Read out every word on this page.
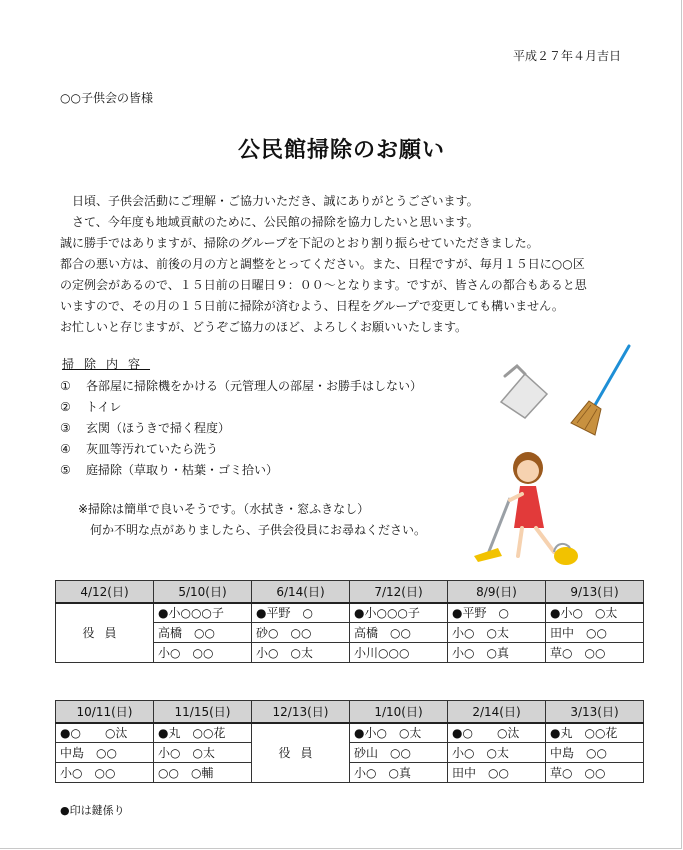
平成２７年４月吉日
○○子供会の皆様
公民館掃除のお願い
　日頃、子供会活動にご理解・ご協力いただき、誠にありがとうございます。
　さて、今年度も地域貢献のために、公民館の掃除を協力したいと思います。
誠に勝手ではありますが、掃除のグループを下記のとおり割り振らせていただきました。
都合の悪い方は、前後の月の方と調整をとってください。また、日程ですが、毎月１５日に○○区
の定例会があるので、１５日前の日曜日９：００～となります。ですが、皆さんの都合もあると思
いますので、その月の１５日前に掃除が済むよう、日程をグループで変更しても構いません。
お忙しいと存じますが、どうぞご協力のほど、よろしくお願いいたします。
掃除内容
① 各部屋に掃除機をかける（元管理人の部屋・お勝手はしない）
② トイレ
③ 玄関（ほうきで掃く程度）
④ 灰皿等汚れていたら洗う
⑤ 庭掃除（草取り・枯葉・ゴミ拾い）
※掃除は簡単で良いそうです。（水拭き・窓ふきなし）
何か不明な点がありましたら、子供会役員にお尋ねください。
4/12(日)	5/10(日)	6/14(日)	7/12(日)	8/9(日)	9/13(日)
役員	●小○○○子	●平野　○	●小○○○子	●平野　○	●小○　○太
	高橋　○○	砂○　○○	高橋　○○	小○　○太	田中　○○
	小○　○○	小○　○太	小川○○○	小○　○真	草○　○○
10/11(日)	11/15(日)	12/13(日)	1/10(日)	2/14(日)	3/13(日)
●○　　○汰	●丸　○○花	役員	●小○　○太	●○　　○汰	●丸　○○花
中島　○○	小○　○太		砂山　○○	小○　○太	中島　○○
小○　○○	○○　○輔		小○　○真	田中　○○	草○　○○
●印は鍵係り
